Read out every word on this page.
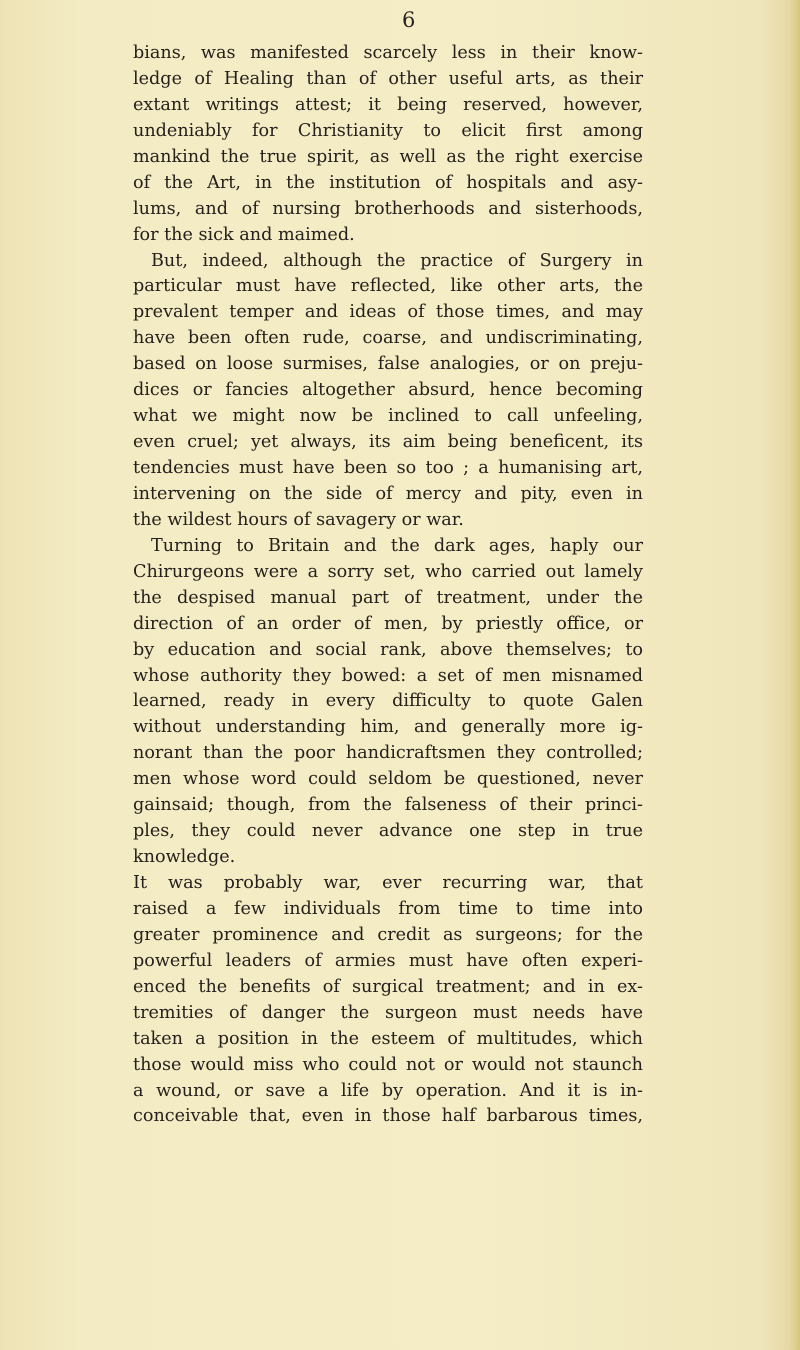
6
bians, was manifested scarcely less in their know-
ledge of Healing than of other useful arts, as their
extant writings attest; it being reserved, however,
undeniably for Christianity to elicit first among
mankind the true spirit, as well as the right exercise
of the Art, in the institution of hospitals and asy-
lums, and of nursing brotherhoods and sisterhoods,
for the sick and maimed.
But, indeed, although the practice of Surgery in
particular must have reflected, like other arts, the
prevalent temper and ideas of those times, and may
have been often rude, coarse, and undiscriminating,
based on loose surmises, false analogies, or on preju-
dices or fancies altogether absurd, hence becoming
what we might now be inclined to call unfeeling,
even cruel; yet always, its aim being beneficent, its
tendencies must have been so too ; a humanising art,
intervening on the side of mercy and pity, even in
the wildest hours of savagery or war.
Turning to Britain and the dark ages, haply our
Chirurgeons were a sorry set, who carried out lamely
the despised manual part of treatment, under the
direction of an order of men, by priestly office, or
by education and social rank, above themselves; to
whose authority they bowed: a set of men misnamed
learned, ready in every difficulty to quote Galen
without understanding him, and generally more ig-
norant than the poor handicraftsmen they controlled;
men whose word could seldom be questioned, never
gainsaid; though, from the falseness of their princi-
ples, they could never advance one step in true
knowledge.
It was probably war, ever recurring war, that
raised a few individuals from time to time into
greater prominence and credit as surgeons; for the
powerful leaders of armies must have often experi-
enced the benefits of surgical treatment; and in ex-
tremities of danger the surgeon must needs have
taken a position in the esteem of multitudes, which
those would miss who could not or would not staunch
a wound, or save a life by operation. And it is in-
conceivable that, even in those half barbarous times,
